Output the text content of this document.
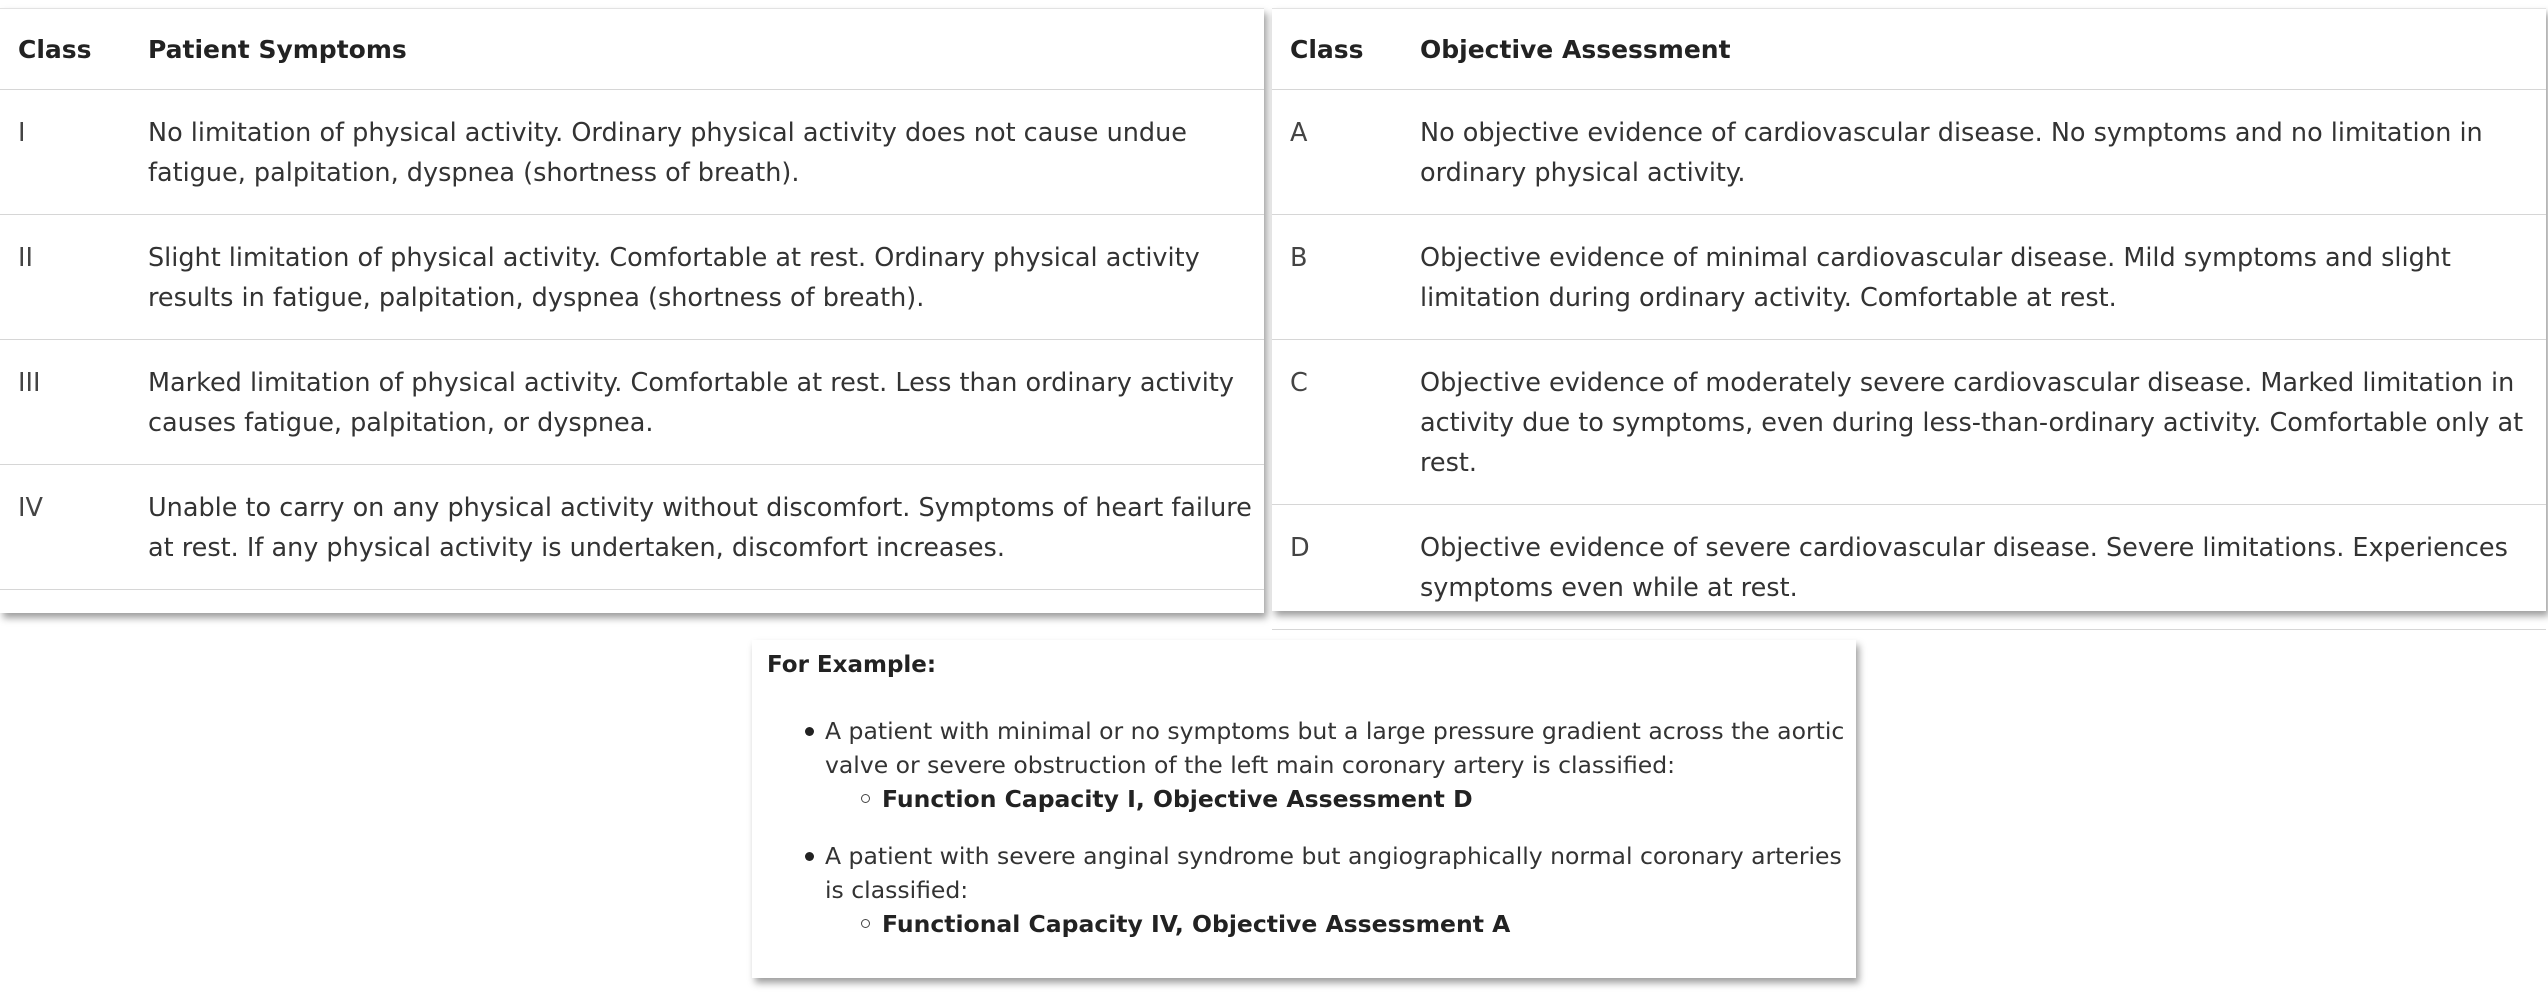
Class	Patient Symptoms
I	No limitation of physical activity. Ordinary physical activity does not cause undue fatigue, palpitation, dyspnea (shortness of breath).
II	Slight limitation of physical activity. Comfortable at rest. Ordinary physical activity results in fatigue, palpitation, dyspnea (shortness of breath).
III	Marked limitation of physical activity. Comfortable at rest. Less than ordinary activity causes fatigue, palpitation, or dyspnea.
IV	Unable to carry on any physical activity without discomfort. Symptoms of heart failure at rest. If any physical activity is undertaken, discomfort increases.
Class	Objective Assessment
A	No objective evidence of cardiovascular disease. No symptoms and no limitation in ordinary physical activity.
B	Objective evidence of minimal cardiovascular disease. Mild symptoms and slight limitation during ordinary activity. Comfortable at rest.
C	Objective evidence of moderately severe cardiovascular disease. Marked limitation in activity due to symptoms, even during less-than-ordinary activity. Comfortable only at rest.
D	Objective evidence of severe cardiovascular disease. Severe limitations. Experiences symptoms even while at rest.
For Example:
A patient with minimal or no symptoms but a large pressure gradient across the aortic valve or severe obstruction of the left main coronary artery is classified:
Function Capacity I, Objective Assessment D
A patient with severe anginal syndrome but angiographically normal coronary arteries is classified:
Functional Capacity IV, Objective Assessment A
